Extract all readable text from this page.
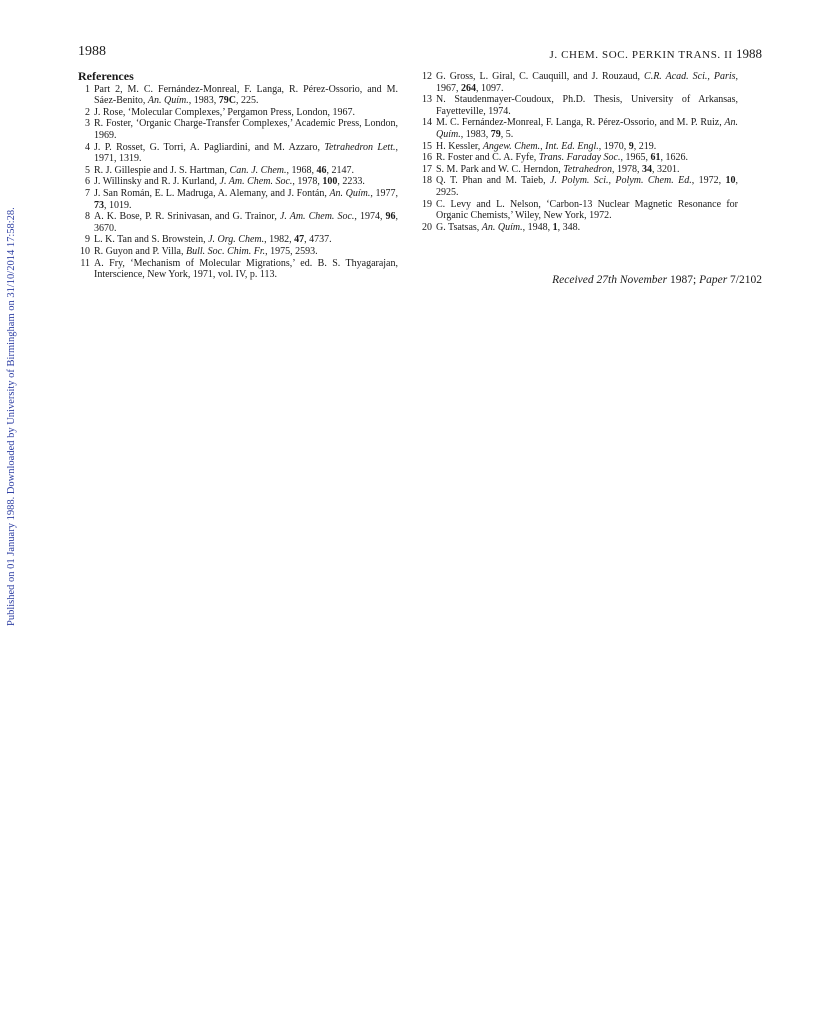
1988	J. CHEM. SOC. PERKIN TRANS. II 1988
Published on 01 January 1988. Downloaded by University of Birmingham on 31/10/2014 17:58:28.
References
1 Part 2, M. C. Fernández-Monreal, F. Langa, R. Pérez-Ossorio, and M. Sáez-Benito, An. Quím., 1983, 79C, 225.
2 J. Rose, ‘Molecular Complexes,’ Pergamon Press, London, 1967.
3 R. Foster, ‘Organic Charge-Transfer Complexes,’ Academic Press, London, 1969.
4 J. P. Rosset, G. Torri, A. Pagliardini, and M. Azzaro, Tetrahedron Lett., 1971, 1319.
5 R. J. Gillespie and J. S. Hartman, Can. J. Chem., 1968, 46, 2147.
6 J. Willinsky and R. J. Kurland, J. Am. Chem. Soc., 1978, 100, 2233.
7 J. San Román, E. L. Madruga, A. Alemany, and J. Fontán, An. Quím., 1977, 73, 1019.
8 A. K. Bose, P. R. Srinivasan, and G. Trainor, J. Am. Chem. Soc., 1974, 96, 3670.
9 L. K. Tan and S. Browstein, J. Org. Chem., 1982, 47, 4737.
10 R. Guyon and P. Villa, Bull. Soc. Chim. Fr., 1975, 2593.
11 A. Fry, ‘Mechanism of Molecular Migrations,’ ed. B. S. Thyagarajan, Interscience, New York, 1971, vol. IV, p. 113.
12 G. Gross, L. Giral, C. Cauquill, and J. Rouzaud, C.R. Acad. Sci., Paris, 1967, 264, 1097.
13 N. Staudenmayer-Coudoux, Ph.D. Thesis, University of Arkansas, Fayetteville, 1974.
14 M. C. Fernández-Monreal, F. Langa, R. Pérez-Ossorio, and M. P. Ruiz, An. Quím., 1983, 79, 5.
15 H. Kessler, Angew. Chem., Int. Ed. Engl., 1970, 9, 219.
16 R. Foster and C. A. Fyfe, Trans. Faraday Soc., 1965, 61, 1626.
17 S. M. Park and W. C. Herndon, Tetrahedron, 1978, 34, 3201.
18 Q. T. Phan and M. Taieb, J. Polym. Sci., Polym. Chem. Ed., 1972, 10, 2925.
19 C. Levy and L. Nelson, ‘Carbon-13 Nuclear Magnetic Resonance for Organic Chemists,’ Wiley, New York, 1972.
20 G. Tsatsas, An. Quím., 1948, 1, 348.
Received 27th November 1987; Paper 7/2102
